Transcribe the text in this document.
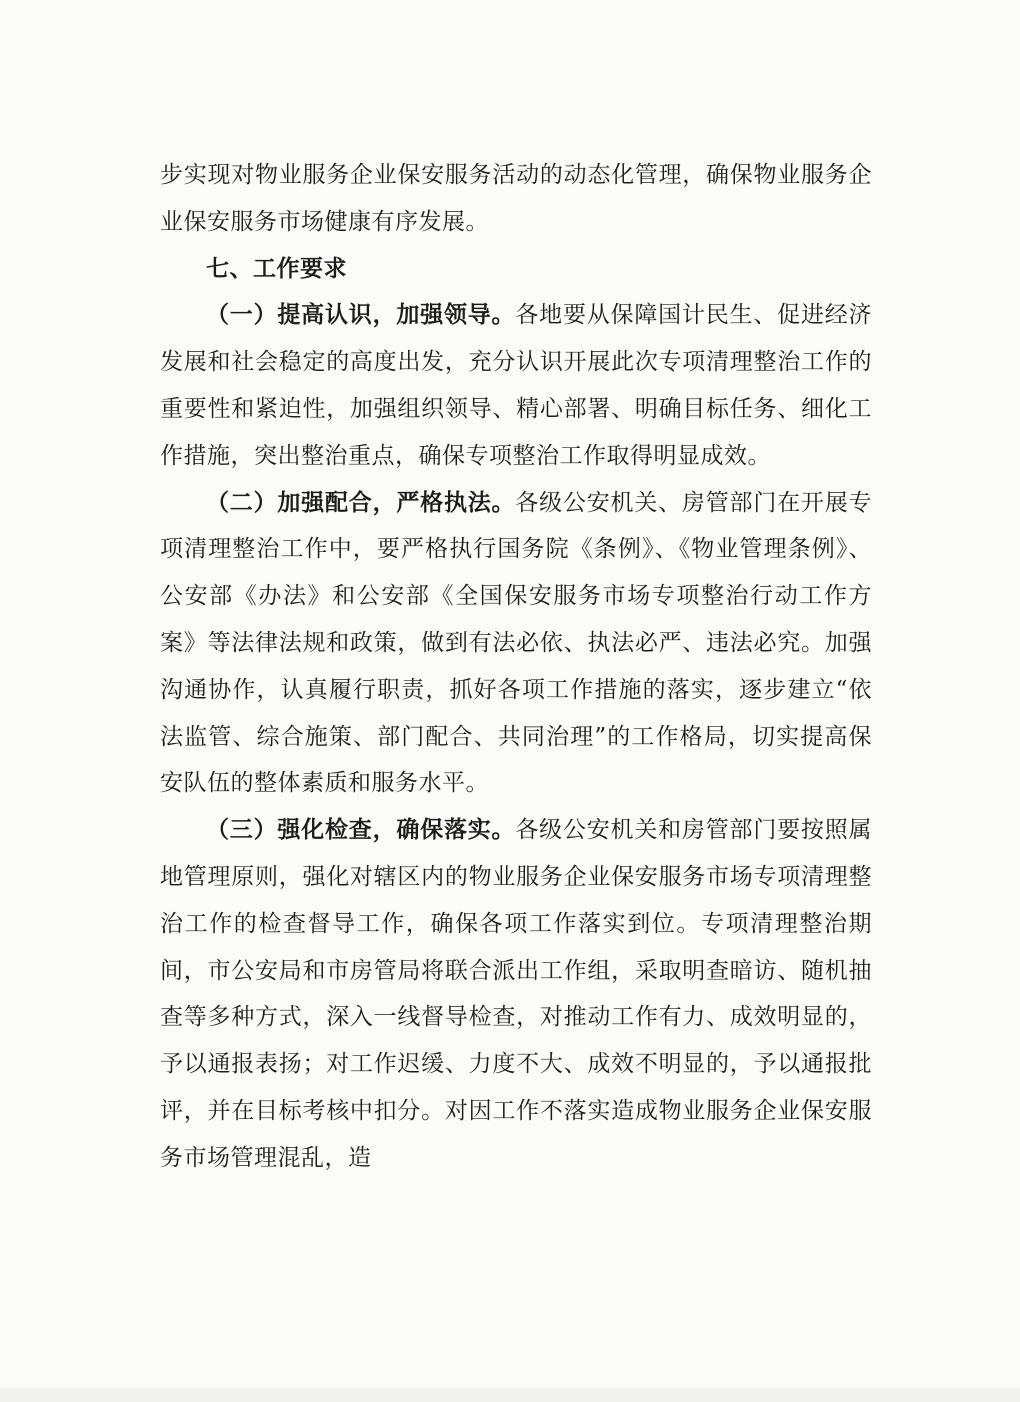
步实现对物业服务企业保安服务活动的动态化管理，确保物业服务企业保安服务市场健康有序发展。

七、工作要求

（一）提高认识，加强领导。各地要从保障国计民生、促进经济发展和社会稳定的高度出发，充分认识开展此次专项清理整治工作的重要性和紧迫性，加强组织领导、精心部署、明确目标任务、细化工作措施，突出整治重点，确保专项整治工作取得明显成效。

（二）加强配合，严格执法。各级公安机关、房管部门在开展专项清理整治工作中，要严格执行国务院《条例》、《物业管理条例》、公安部《办法》和公安部《全国保安服务市场专项整治行动工作方案》等法律法规和政策，做到有法必依、执法必严、违法必究。加强沟通协作，认真履行职责，抓好各项工作措施的落实，逐步建立“依法监管、综合施策、部门配合、共同治理”的工作格局，切实提高保安队伍的整体素质和服务水平。

（三）强化检查，确保落实。各级公安机关和房管部门要按照属地管理原则，强化对辖区内的物业服务企业保安服务市场专项清理整治工作的检查督导工作，确保各项工作落实到位。专项清理整治期间，市公安局和市房管局将联合派出工作组，采取明查暗访、随机抽查等多种方式，深入一线督导检查，对推动工作有力、成效明显的，予以通报表扬；对工作迟缓、力度不大、成效不明显的，予以通报批评，并在目标考核中扣分。对因工作不落实造成物业服务企业保安服务市场管理混乱，造
